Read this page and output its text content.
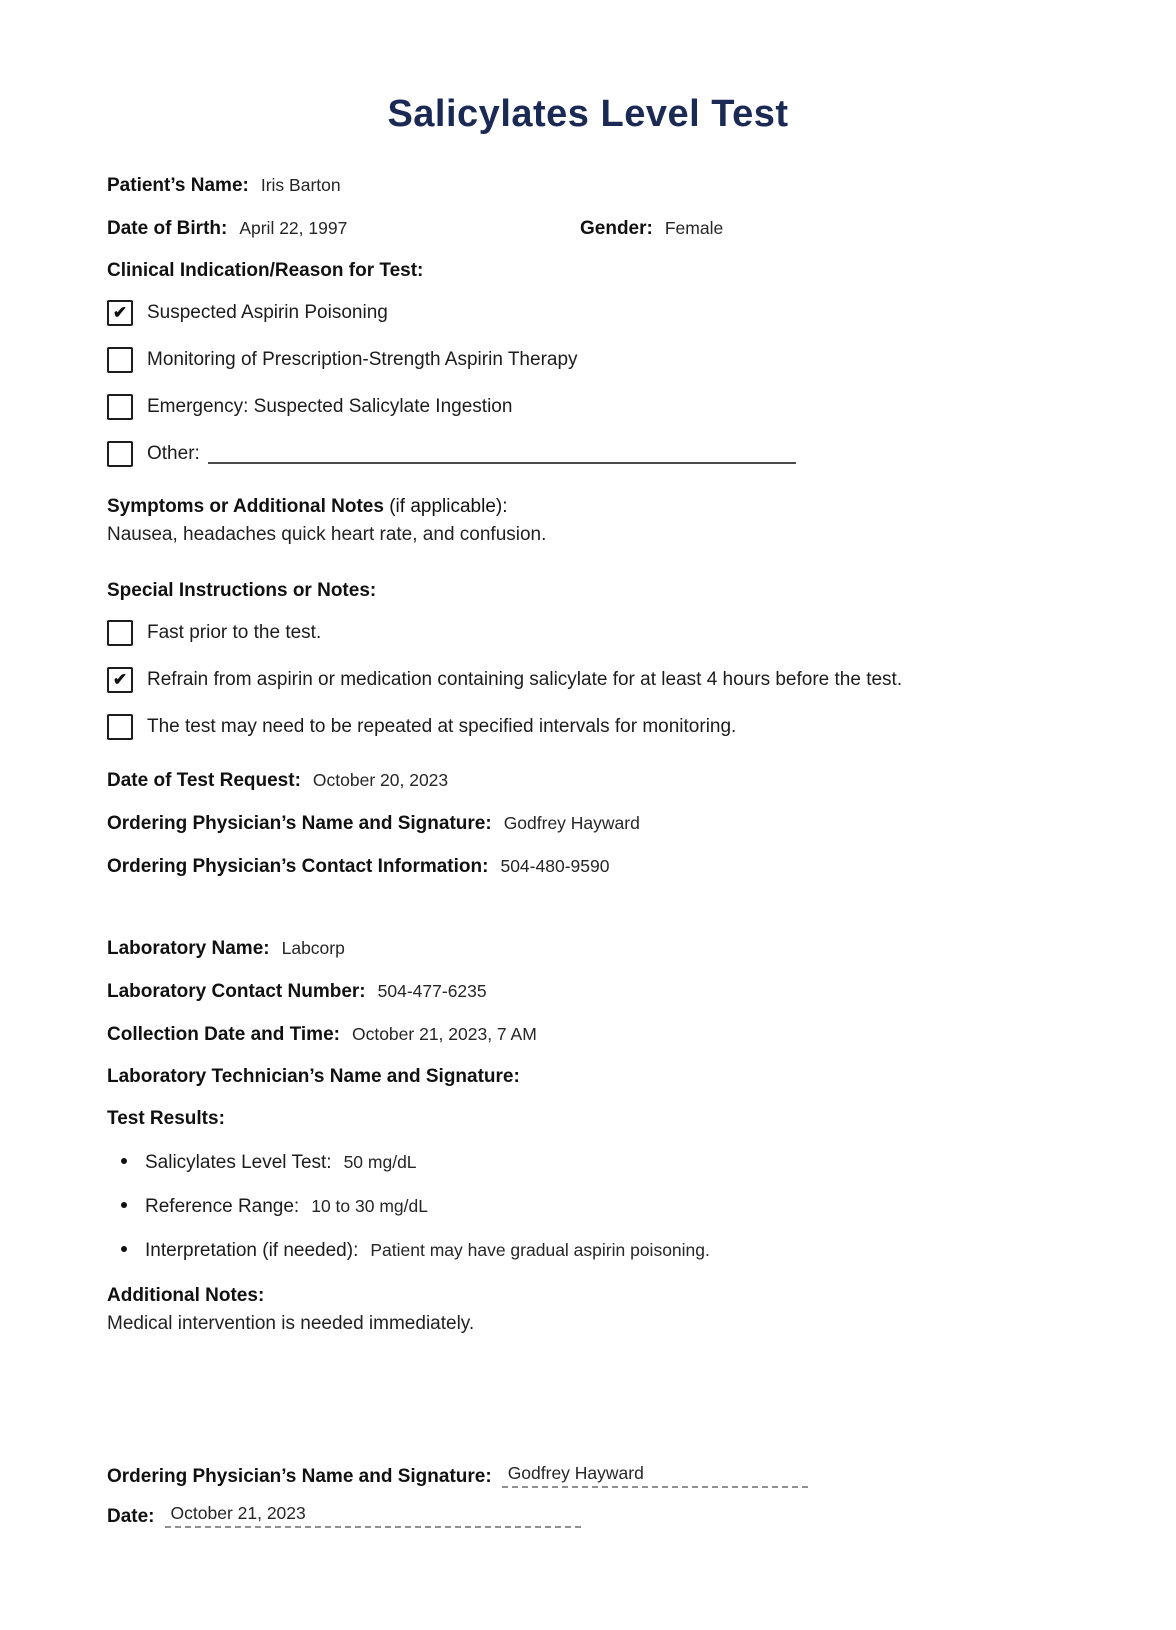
Salicylates Level Test
Patient’s Name: Iris Barton
Date of Birth: April 22, 1997	Gender: Female
Clinical Indication/Reason for Test:
✔ Suspected Aspirin Poisoning
Monitoring of Prescription-Strength Aspirin Therapy
Emergency: Suspected Salicylate Ingestion
Other:
Symptoms or Additional Notes (if applicable):
Nausea, headaches quick heart rate, and confusion.
Special Instructions or Notes:
Fast prior to the test.
✔ Refrain from aspirin or medication containing salicylate for at least 4 hours before the test.
The test may need to be repeated at specified intervals for monitoring.
Date of Test Request: October 20, 2023
Ordering Physician’s Name and Signature: Godfrey Hayward
Ordering Physician’s Contact Information: 504-480-9590
Laboratory Name: Labcorp
Laboratory Contact Number: 504-477-6235
Collection Date and Time: October 21, 2023, 7 AM
Laboratory Technician’s Name and Signature:
Test Results:
Salicylates Level Test: 50 mg/dL
Reference Range: 10 to 30 mg/dL
Interpretation (if needed): Patient may have gradual aspirin poisoning.
Additional Notes:
Medical intervention is needed immediately.
Ordering Physician’s Name and Signature: Godfrey Hayward
Date: October 21, 2023
